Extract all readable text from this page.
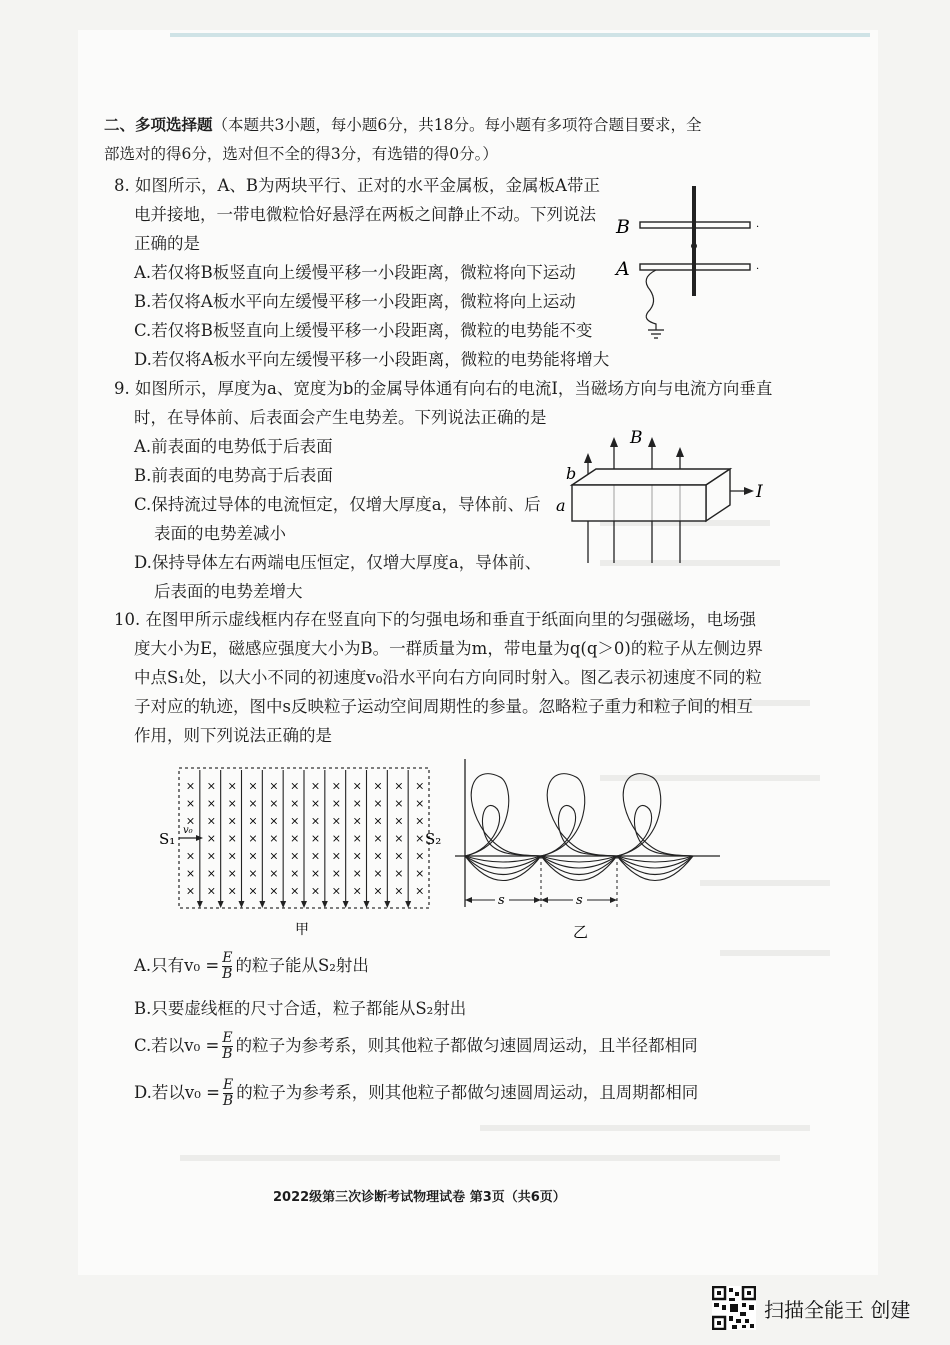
二、多项选择题（本题共3小题，每小题6分，共18分。每小题有多项符合题目要求，全
部选对的得6分，选对但不全的得3分，有选错的得0分。）
8. 如图所示，A、B为两块平行、正对的水平金属板，金属板A带正
电并接地，一带电微粒恰好悬浮在两板之间静止不动。下列说法
正确的是
A.若仅将B板竖直向上缓慢平移一小段距离，微粒将向下运动
B.若仅将A板水平向左缓慢平移一小段距离，微粒将向上运动
C.若仅将B板竖直向上缓慢平移一小段距离，微粒的电势能不变
D.若仅将A板水平向左缓慢平移一小段距离，微粒的电势能将增大
·
·
B
A
9. 如图所示，厚度为a、宽度为b的金属导体通有向右的电流I，当磁场方向与电流方向垂直
时，在导体前、后表面会产生电势差。下列说法正确的是
A.前表面的电势低于后表面
B.前表面的电势高于后表面
C.保持流过导体的电流恒定，仅增大厚度a，导体前、后
表面的电势差减小
D.保持导体左右两端电压恒定，仅增大厚度a，导体前、
后表面的电势差增大
B
I
b
a
10. 在图甲所示虚线框内存在竖直向下的匀强电场和垂直于纸面向里的匀强磁场，电场强
度大小为E，磁感应强度大小为B。一群质量为m，带电量为q(q＞0)的粒子从左侧边界
中点S₁处，以大小不同的初速度v₀沿水平向右方向同时射入。图乙表示初速度不同的粒
子对应的轨迹，图中s反映粒子运动空间周期性的参量。忽略粒子重力和粒子间的相互
作用，则下列说法正确的是
× × × × × × × × × × × ×
× × × × × × × × × × × ×
× × × × × × × × × × × ×
× × × × × × × × × × ×
× × × × × × × × × × × ×
× × × × × × × × × × × ×
× × × × × × × × × × × ×
v₀
S₁	S₂
甲
s	s
乙
A.只有$v_0 = \frac{E}{B}$ 的粒子能从S₂射出
B.只要虚线框的尺寸合适，粒子都能从S₂射出
C.若以$v_0 = \frac{E}{B}$ 的粒子为参考系，则其他粒子都做匀速圆周运动，且半径都相同
D.若以$v_0 = \frac{E}{B}$ 的粒子为参考系，则其他粒子都做匀速圆周运动，且周期都相同
2022级第三次诊断考试物理试卷 第3页（共6页）
扫描全能王 创建
